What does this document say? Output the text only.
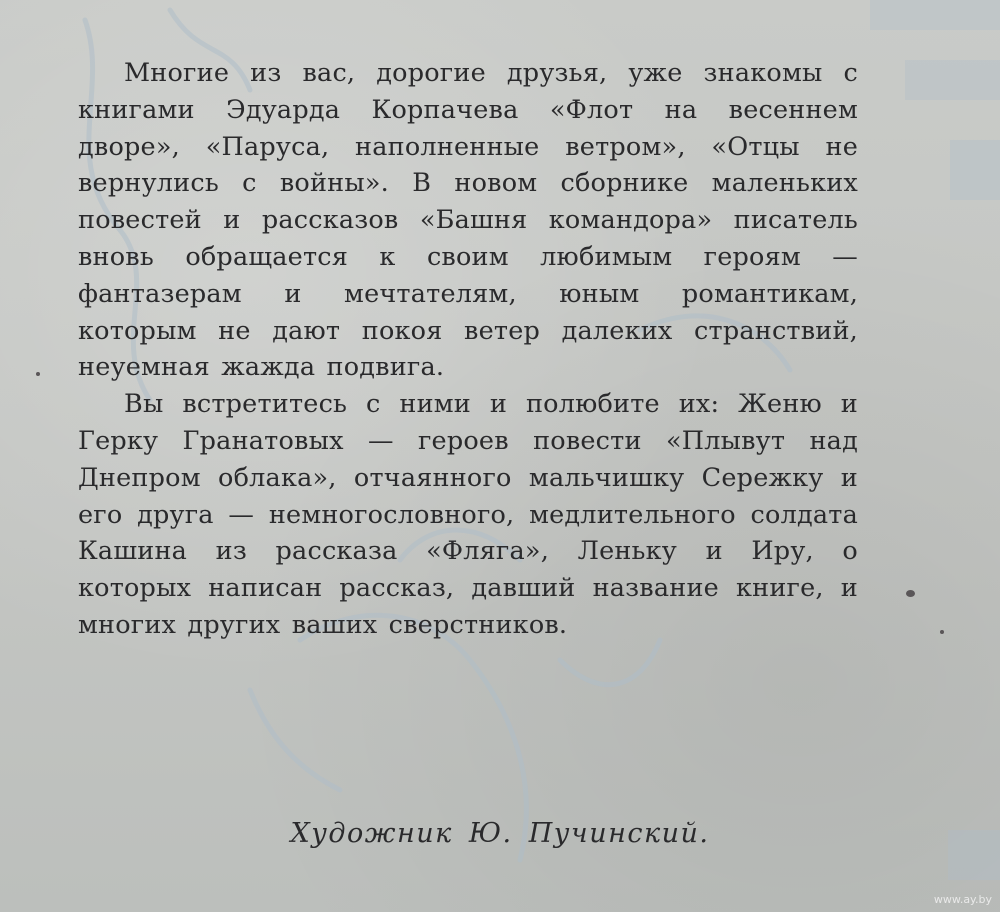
Многие из вас, дорогие друзья, уже знакомы с книгами Эдуарда Корпачева «Флот на весеннем дворе», «Паруса, наполненные ветром», «Отцы не вернулись с войны». В новом сборнике маленьких повестей и рассказов «Башня командора» писатель вновь обращается к своим любимым героям — фантазерам и мечтателям, юным романтикам, которым не дают покоя ветер далеких странствий, неуемная жажда подвига.

Вы встретитесь с ними и полюбите их: Женю и Герку Гранатовых — героев повести «Плывут над Днепром облака», отчаянного мальчишку Сережку и его друга — немногословного, медлительного солдата Кашина из рассказа «Фляга», Леньку и Иру, о которых написан рассказ, давший название книге, и многих других ваших сверстников.

Художник Ю. Пучинский.
www.ay.by
